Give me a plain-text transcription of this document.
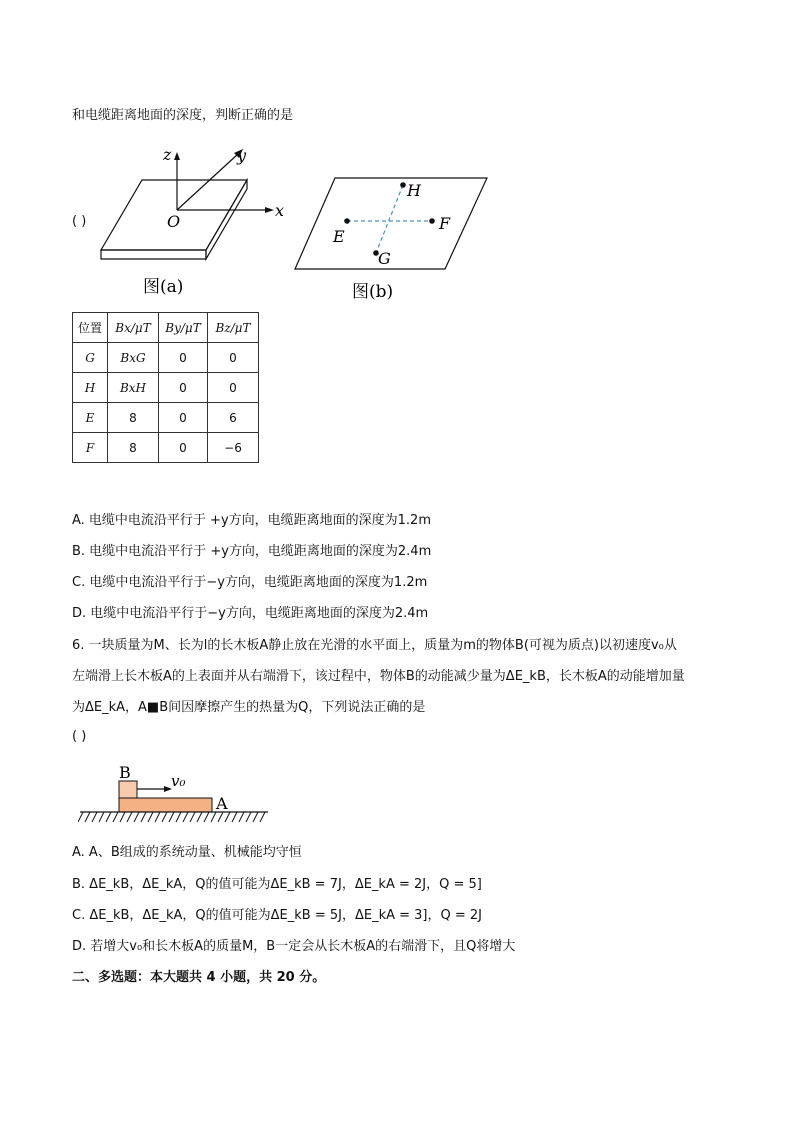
和电缆距离地面的深度，判断正确的是
( )
z	y
x
O
图(a)
H
E
F
G
图(b)
位置	Bx/μT	By/μT	Bz/μT
G	BxG	0	0
H	BxH	0	0
E	8	0	6
F	8	0	−6
A. 电缆中电流沿平行于 +y方向，电缆距离地面的深度为1.2m
B. 电缆中电流沿平行于 +y方向，电缆距离地面的深度为2.4m
C. 电缆中电流沿平行于−y方向，电缆距离地面的深度为1.2m
D. 电缆中电流沿平行于−y方向，电缆距离地面的深度为2.4m
6. 一块质量为M、长为l的长木板A静止放在光滑的水平面上，质量为m的物体B(可视为质点)以初速度v₀从
左端滑上长木板A的上表面并从右端滑下，该过程中，物体B的动能减少量为ΔE_kB，长木板A的动能增加量
为ΔE_kA，A■B间因摩擦产生的热量为Q，下列说法正确的是
( )
B	v₀
A
A. A、B组成的系统动量、机械能均守恒
B. ΔE_kB，ΔE_kA，Q的值可能为ΔE_kB = 7J，ΔE_kA = 2J，Q = 5]
C. ΔE_kB，ΔE_kA，Q的值可能为ΔE_kB = 5J，ΔE_kA = 3]，Q = 2J
D. 若增大v₀和长木板A的质量M，B一定会从长木板A的右端滑下，且Q将增大
二、多选题：本大题共 4 小题，共 20 分。
